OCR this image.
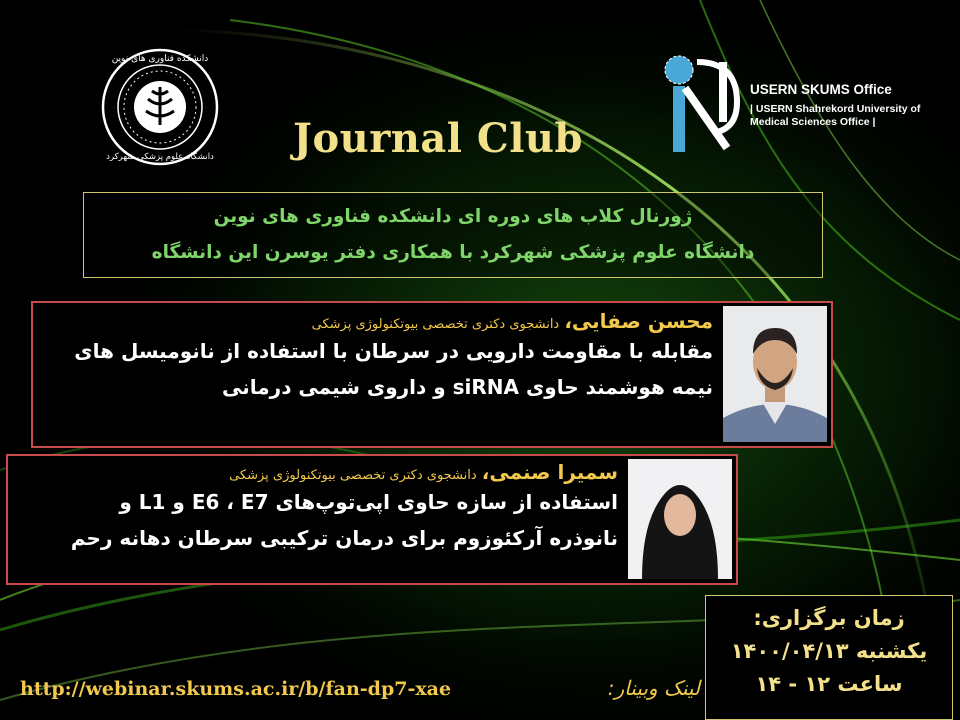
دانشکده فناوری های نوین
دانشگاه علوم پزشکی شهرکرد
USERN SKUMS Office
| USERN Shahrekord University of
Medical Sciences Office |
Journal Club
ژورنال کلاب های دوره ای دانشکده فناوری های نوین
دانشگاه علوم پزشکی شهرکرد با همکاری دفتر یوسرن این دانشگاه
محسن صفایی، دانشجوی دکتری تخصصی بیوتکنولوژی پزشکی
مقابله با مقاومت دارویی در سرطان با استفاده از نانومیسل های
نیمه هوشمند حاوی siRNA و داروی شیمی درمانی
سمیرا صنمی، دانشجوی دکتری تخصصی بیوتکنولوژی پزشکی
استفاده از سازه حاوی اپی‌توپ‌های E6 ، E7 و L1 و
نانوذره آرکئوزوم برای درمان ترکیبی سرطان دهانه رحم
زمان برگزاری:
یکشنبه ۱۴۰۰/۰۴/۱۳
ساعت ۱۲ - ۱۴
http://webinar.skums.ac.ir/b/fan-dp7-xae	لینک وبینار:
